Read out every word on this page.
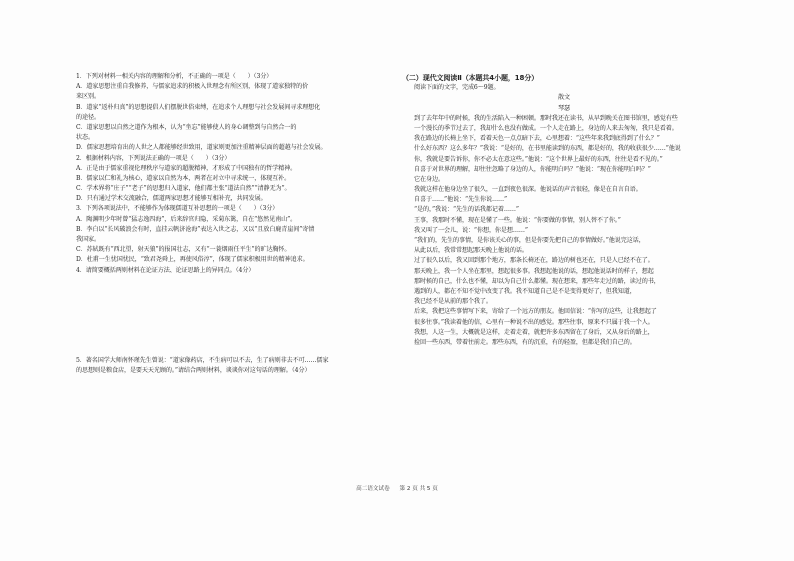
1．下列对材料一相关内容的理解和分析，不正确的一项是（　　）（3分）
A．道家思想注重自我修养，与儒家追求的积极入世理念有所区别，体现了道家独特的价
来区别。
B．道家“返朴归真”的思想提倡人们摆脱世俗束缚，在追求个人理想与社会发展间寻求理想化
的途径。
C．道家思想以自然之道作为根本，认为“坐忘”能够使人的身心调整到与自然合一的
状态。
D．儒家思想培育出的人世之人都能够经世致用，道家则更加注重精神层面的超越与社会发展。
2．根据材料内容，下列说法正确的一项是（　　）（3分）
A．正是由于儒家重视伦理秩序与道家的超脱精神，才形成了中国独有的哲学精神。
B．儒家以仁和礼为核心，道家以自然为本，两者在对立中寻求统一，体现互补。
C．学术界将“庄子”“老子”的思想归入道家，他们都主张“道法自然”“清静无为”。
D．只有通过学术交流融合，儒道两家思想才能够互相补充，共同发展。
3．下列各项说法中，不能够作为体现儒道互补思想的一项是（　　）（3分）
A．陶渊明少年时曾“猛志逸四海”，后来辞官归隐，采菊东篱，自在“悠然见南山”。
B．李白以“长风破浪会有时，直挂云帆济沧海”表达入世之志，又以“且放白鹿青崖间”寄情
我国家。
C．苏轼既有“西北望，射天狼”的报国壮志，又有“一蓑烟雨任平生”的旷达胸怀。
D．杜甫一生忧国忧民，“致君尧舜上，再使风俗淳”，体现了儒家积极用世的精神追求。
4．请简要概括两则材料在论证方法、论证思路上的异同点。（4分）
5．著名国学大师南怀瑾先生曾说：“道家像药店，不生病可以不去，生了病则非去不可……儒家
的思想则是粮食店，是要天天光顾的。”请结合两则材料，谈谈你对这句话的理解。（4分）
（二）现代文阅读Ⅱ（本题共4小题，18分）
阅读下面的文字，完成6～9题。
散文
琴瑟
到了去年年中的时候，我的生活陷入一种困顿。那时我还在读书，从早到晚关在图书馆里，感觉有些
一个漫长的季节过去了，我却什么也没有做成。一个人走在路上，身边的人来去匆匆，我只是看着。
我在路边的长椅上坐下，看着天色一点点暗下去，心里想着：“这些年来我到底得到了什么？”
什么好东西？这么多年？”我说：“是好的，在书里能读到的东西，都是好的，我的收获很少……”他说
你，我就是要告诉你，你不必太在意这些。”他说：“这个世界上最好的东西，往往是看不见的。”
自喜于对世界的理解，却往往忽略了身边的人，你能明白吗？”他说：“现在你能明白吗？”
它在身边。
我就这样在他身边坐了很久，一直到夜色很深。他说话的声音很轻，像是在自言自语。
自喜于……”他说：“先生你说……”
“是的，”我说：“先生的话我都记着……”
王事，我那时不懂，现在是懂了一些。他说：“你要做的事情，别人替不了你。”
我又叫了一会儿，说：“你想，你是想……”
“我们的，先生的事情，是你该关心的事，但是你要先把自己的事情做好。”他说完这话，
从此以后，我常常想起那天晚上他说的话。
过了很久以后，我又回到那个地方，那条长椅还在，路边的树也还在，只是人已经不在了。
那天晚上，我一个人坐在那里，想起很多事。我想起他说的话，想起他说话时的样子，想起
那时候的自己，什么也不懂，却以为自己什么都懂。现在想来，那些年走过的路，读过的书，
遇到的人，都在不知不觉中改变了我。我不知道自己是不是变得更好了，但我知道，
我已经不是从前的那个我了。
后来，我把这些事情写下来，寄给了一个远方的朋友。他回信说：“你写的这些，让我想起了
很多往事。”我读着他的信，心里有一种说不出的感觉。那些往事，原来不只属于我一个人。
我想，人这一生，大概就是这样，走着走着，就把许多东西留在了身后，又从身后的路上，
捡回一些东西，带着往前走。那些东西，有的沉重，有的轻盈，但都是我们自己的。
高二语文试卷 第 2 页 共 5 页
